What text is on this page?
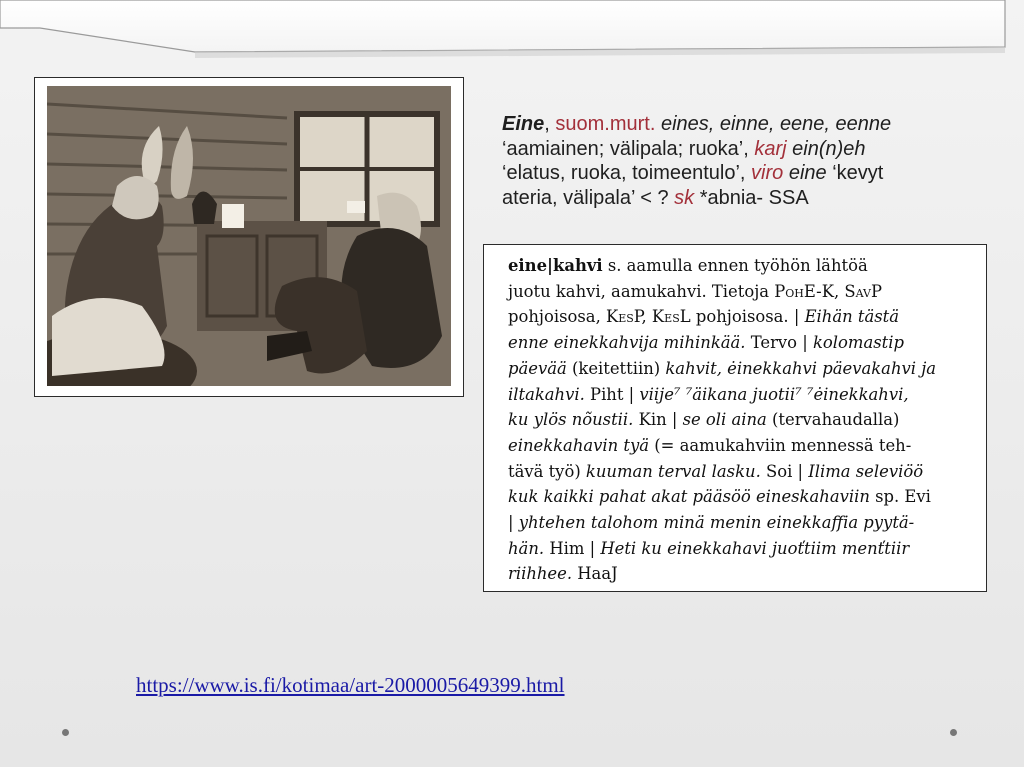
Eine, suom.murt. eines, einne, eene, eenne
‘aamiainen; välipala; ruoka’, karj ein(n)eh
‘elatus, ruoka, toimeentulo’, viro eine ‘kevyt
ateria, välipala’ < ? sk *abnia- SSA
eine|kahvi s. aamulla ennen työhön lähtöä
juotu kahvi, aamukahvi. Tietoja PohE-K, SavP
pohjoisosa, KesP, KesL pohjoisosa. | Eihän tästä
enne einekkahvija mihinkää. Tervo | kolomastip
päevää (keitettiin) kahvit, ėinekkahvi päevakahvi ja
iltakahvi. Piht | viije⁷ ⁷äikana juotii⁷ ⁷ėinekkahvi,
ku ylös nõustii. Kin | se oli aina (tervahaudalla)
einekkahavin tyä (= aamukahviin mennessä teh-
tävä työ) kuuman terval lasku. Soi | Ilima seleviöö
kuk kaikki pahat akat pääsöö eineskahaviin sp. Evi
| yhtehen talohom minä menin einekkaffia pyytä-
hän. Him | Heti ku einekkahavi juoťtiim menťtiir
riihhee. HaaJ
https://www.is.fi/kotimaa/art-2000005649399.html
